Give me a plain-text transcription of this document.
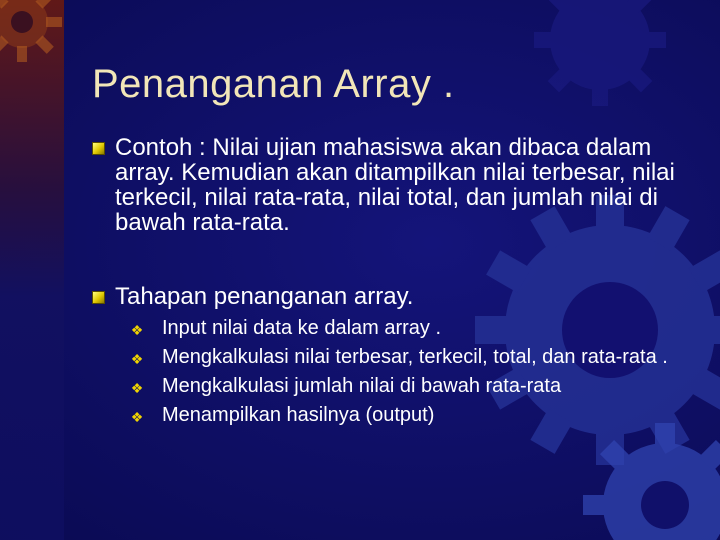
Penanganan Array .
Contoh : Nilai ujian mahasiswa akan dibaca dalam array. Kemudian akan ditampilkan nilai terbesar, nilai terkecil, nilai rata-rata, nilai total, dan jumlah nilai di bawah rata-rata.
Tahapan penanganan array.
❖ Input nilai data ke dalam array .
❖ Mengkalkulasi nilai terbesar, terkecil, total, dan rata-rata .
❖ Mengkalkulasi jumlah nilai di bawah rata-rata
❖ Menampilkan hasilnya (output)
